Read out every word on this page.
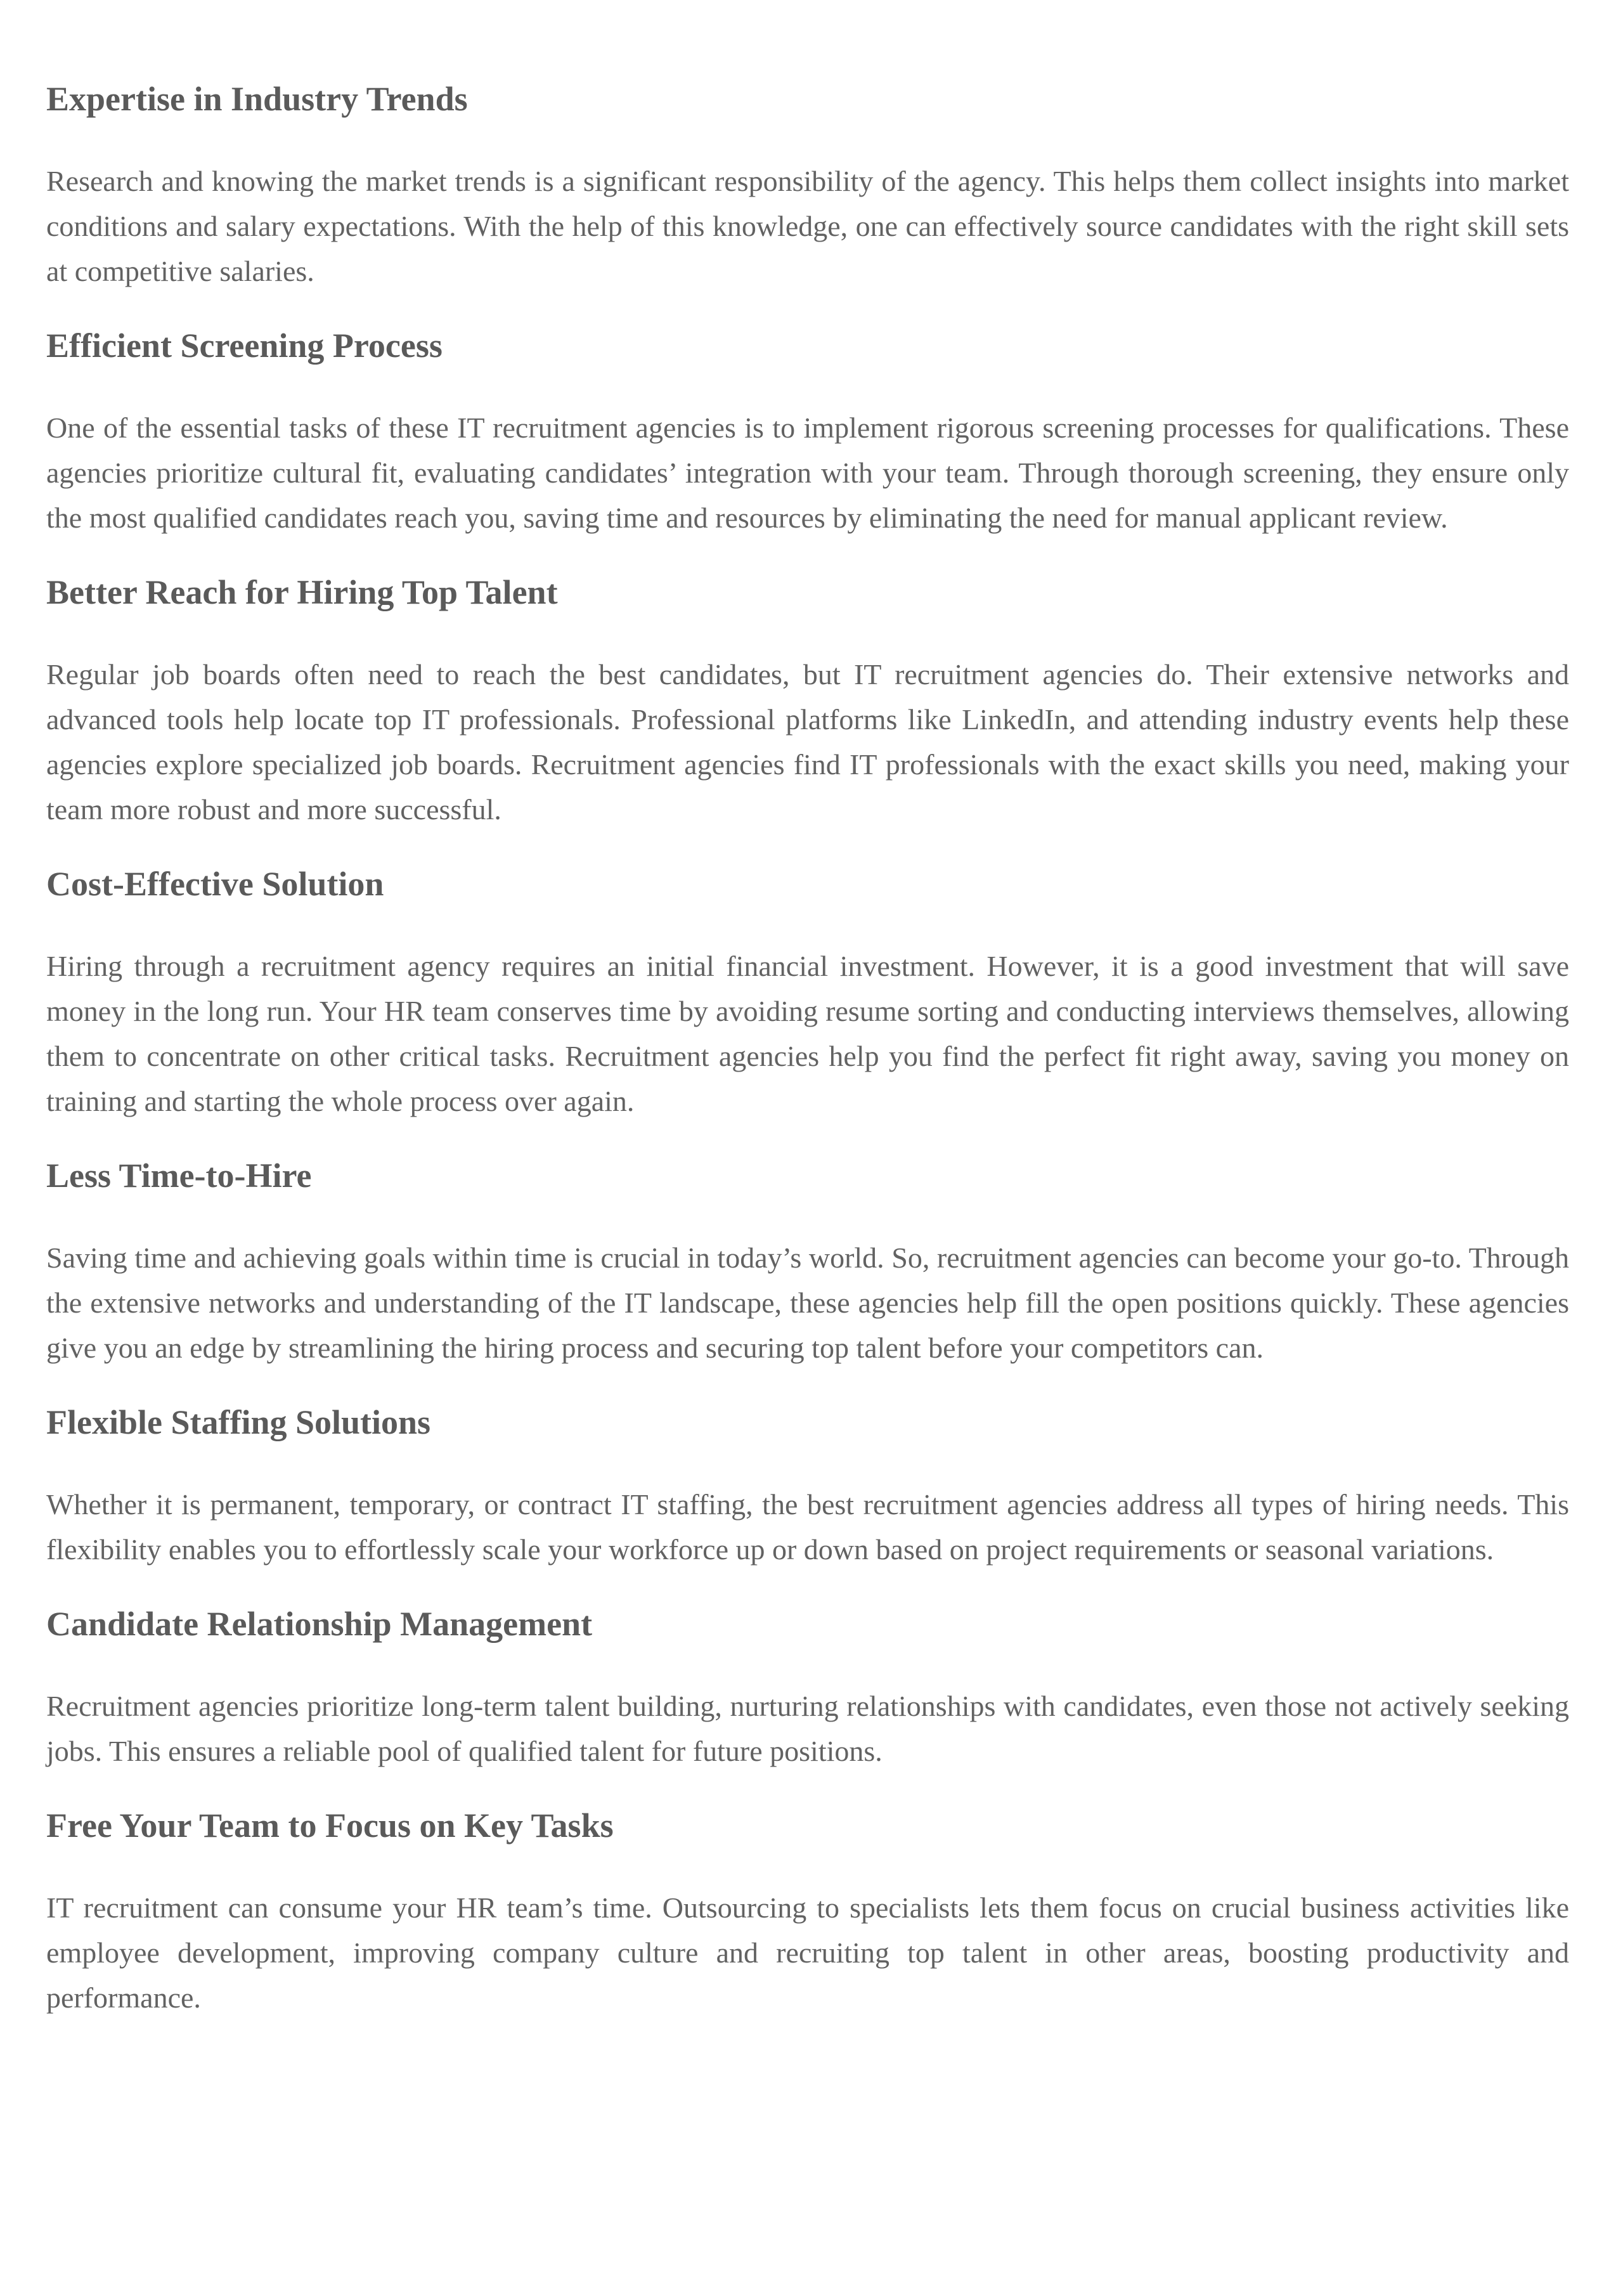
Expertise in Industry Trends

Research and knowing the market trends is a significant responsibility of the agency. This helps them collect insights into market conditions and salary expectations. With the help of this knowledge, one can effectively source candidates with the right skill sets at competitive salaries.

Efficient Screening Process

One of the essential tasks of these IT recruitment agencies is to implement rigorous screening processes for qualifications. These agencies prioritize cultural fit, evaluating candidates’ integration with your team. Through thorough screening, they ensure only the most qualified candidates reach you, saving time and resources by eliminating the need for manual applicant review.

Better Reach for Hiring Top Talent

Regular job boards often need to reach the best candidates, but IT recruitment agencies do. Their extensive networks and advanced tools help locate top IT professionals. Professional platforms like LinkedIn, and attending industry events help these agencies explore specialized job boards. Recruitment agencies find IT professionals with the exact skills you need, making your team more robust and more successful.

Cost-Effective Solution

Hiring through a recruitment agency requires an initial financial investment. However, it is a good investment that will save money in the long run. Your HR team conserves time by avoiding resume sorting and conducting interviews themselves, allowing them to concentrate on other critical tasks. Recruitment agencies help you find the perfect fit right away, saving you money on training and starting the whole process over again.

Less Time-to-Hire

Saving time and achieving goals within time is crucial in today’s world. So, recruitment agencies can become your go-to. Through the extensive networks and understanding of the IT landscape, these agencies help fill the open positions quickly. These agencies give you an edge by streamlining the hiring process and securing top talent before your competitors can.

Flexible Staffing Solutions

Whether it is permanent, temporary, or contract IT staffing, the best recruitment agencies address all types of hiring needs. This flexibility enables you to effortlessly scale your workforce up or down based on project requirements or seasonal variations.

Candidate Relationship Management

Recruitment agencies prioritize long-term talent building, nurturing relationships with candidates, even those not actively seeking jobs. This ensures a reliable pool of qualified talent for future positions.

Free Your Team to Focus on Key Tasks

IT recruitment can consume your HR team’s time. Outsourcing to specialists lets them focus on crucial business activities like employee development, improving company culture and recruiting top talent in other areas, boosting productivity and performance.
